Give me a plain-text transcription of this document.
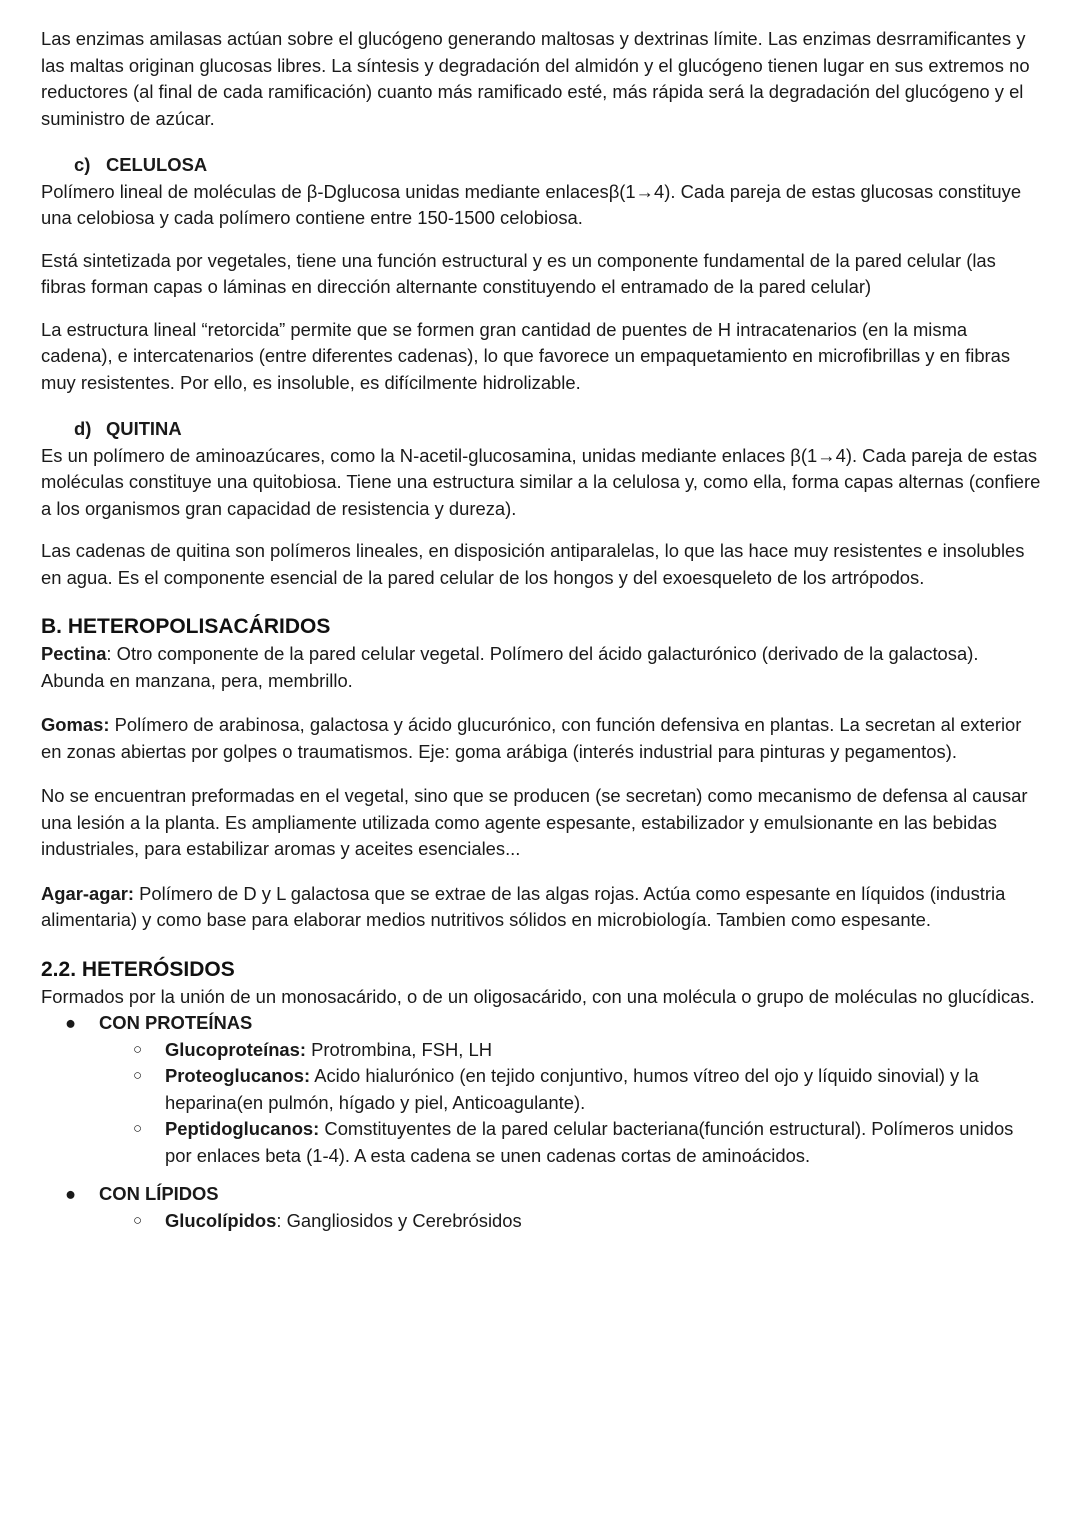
Las enzimas amilasas actúan sobre el glucógeno generando maltosas y dextrinas límite. Las enzimas desrramificantes y las maltas originan glucosas libres. La síntesis y degradación del almidón y el glucógeno tienen lugar en sus extremos no reductores (al final de cada ramificación) cuanto más ramificado esté, más rápida será la degradación del glucógeno y el suministro de azúcar.

c) CELULOSA

Polímero lineal de moléculas de β-Dglucosa unidas mediante enlacesβ(1→4). Cada pareja de estas glucosas constituye una celobiosa y cada polímero contiene entre 150-1500 celobiosa.

Está sintetizada por vegetales, tiene una función estructural y es un componente fundamental de la pared celular (las fibras forman capas o láminas en dirección alternante constituyendo el entramado de la pared celular)

La estructura lineal “retorcida” permite que se formen gran cantidad de puentes de H intracatenarios (en la misma cadena), e intercatenarios (entre diferentes cadenas), lo que favorece un empaquetamiento en microfibrillas y en fibras muy resistentes. Por ello, es insoluble, es difícilmente hidrolizable.

d) QUITINA

Es un polímero de aminoazúcares, como la N-acetil-glucosamina, unidas mediante enlaces β(1→4). Cada pareja de estas moléculas constituye una quitobiosa. Tiene una estructura similar a la celulosa y, como ella, forma capas alternas (confiere a los organismos gran capacidad de resistencia y dureza).

Las cadenas de quitina son polímeros lineales, en disposición antiparalelas, lo que las hace muy resistentes e insolubles en agua. Es el componente esencial de la pared celular de los hongos y del exoesqueleto de los artrópodos.

B. HETEROPOLISACÁRIDOS

Pectina: Otro componente de la pared celular vegetal. Polímero del ácido galacturónico (derivado de la galactosa). Abunda en manzana, pera, membrillo.

Gomas: Polímero de arabinosa, galactosa y ácido glucurónico, con función defensiva en plantas. La secretan al exterior en zonas abiertas por golpes o traumatismos. Eje: goma arábiga (interés industrial para pinturas y pegamentos).

No se encuentran preformadas en el vegetal, sino que se producen (se secretan) como mecanismo de defensa al causar una lesión a la planta. Es ampliamente utilizada como agente espesante, estabilizador y emulsionante en las bebidas industriales, para estabilizar aromas y aceites esenciales...

Agar-agar: Polímero de D y L galactosa que se extrae de las algas rojas. Actúa como espesante en líquidos (industria alimentaria) y como base para elaborar medios nutritivos sólidos en microbiología. Tambien como espesante.

2.2. HETERÓSIDOS

Formados por la unión de un monosacárido, o de un oligosacárido, con una molécula o grupo de moléculas no glucídicas.

● CON PROTEÍNAS
○ Glucoproteínas: Protrombina, FSH, LH
○ Proteoglucanos: Acido hialurónico (en tejido conjuntivo, humos vítreo del ojo y líquido sinovial) y la heparina(en pulmón, hígado y piel, Anticoagulante).
○ Peptidoglucanos: Comstituyentes de la pared celular bacteriana(función estructural). Polímeros unidos por enlaces beta (1-4). A esta cadena se unen cadenas cortas de aminoácidos.
● CON LÍPIDOS
○ Glucolípidos: Gangliosidos y Cerebrósidos
